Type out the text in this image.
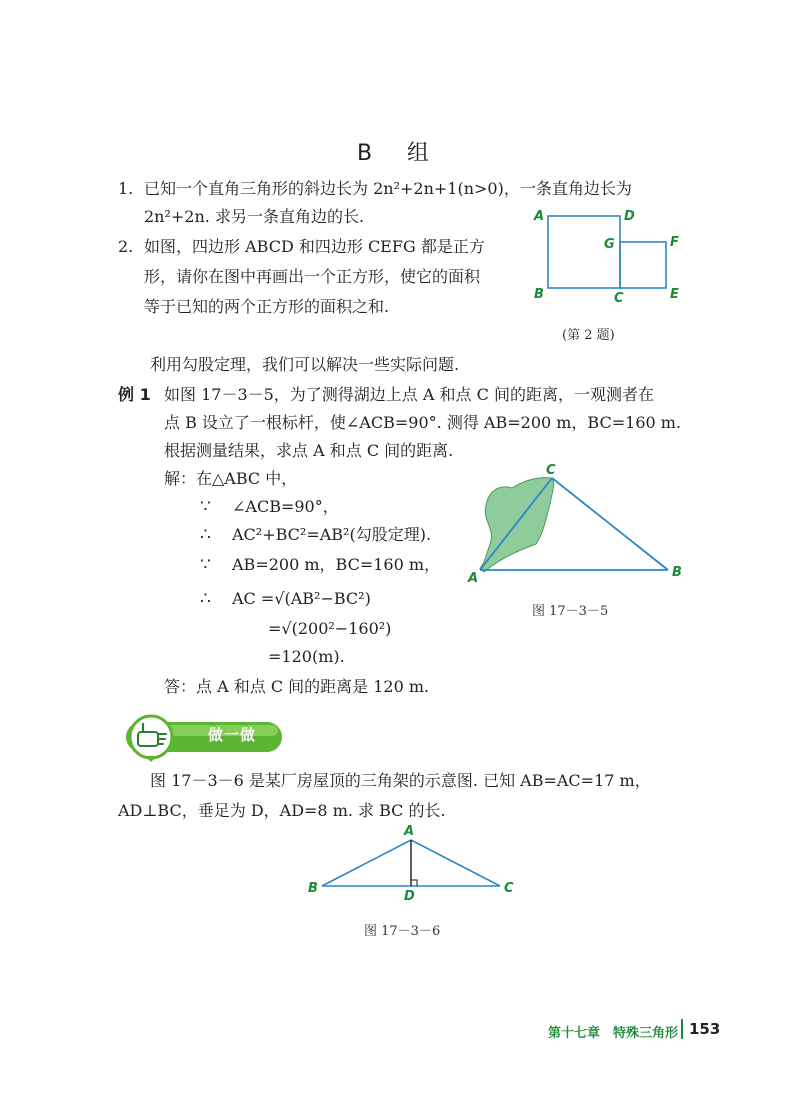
B 组
1. 已知一个直角三角形的斜边长为 2n²+2n+1(n>0)，一条直角边长为
2n²+2n. 求另一条直角边的长.
2. 如图，四边形 ABCD 和四边形 CEFG 都是正方
形，请你在图中再画出一个正方形，使它的面积
等于已知的两个正方形的面积之和.
A	D
G	F
B	C	E
(第 2 题)
利用勾股定理，我们可以解决一些实际问题.
例 1 如图 17－3－5，为了测得湖边上点 A 和点 C 间的距离，一观测者在
点 B 设立了一根标杆，使∠ACB=90°. 测得 AB=200 m，BC=160 m.
根据测量结果，求点 A 和点 C 间的距离.
解：在△ABC 中，
∵ ∠ACB=90°，
∴ AC²+BC²=AB²(勾股定理).
∵ AB=200 m，BC=160 m，
∴ AC =√(AB²−BC²)
=√(200²−160²)
=120(m).
答：点 A 和点 C 间的距离是 120 m.
C
A	B
图 17－3－5
做一做
图 17－3－6 是某厂房屋顶的三角架的示意图. 已知 AB=AC=17 m，
AD⊥BC，垂足为 D，AD=8 m. 求 BC 的长.
A
B
D
C
图 17－3－6
第十七章　特殊三角形 153
